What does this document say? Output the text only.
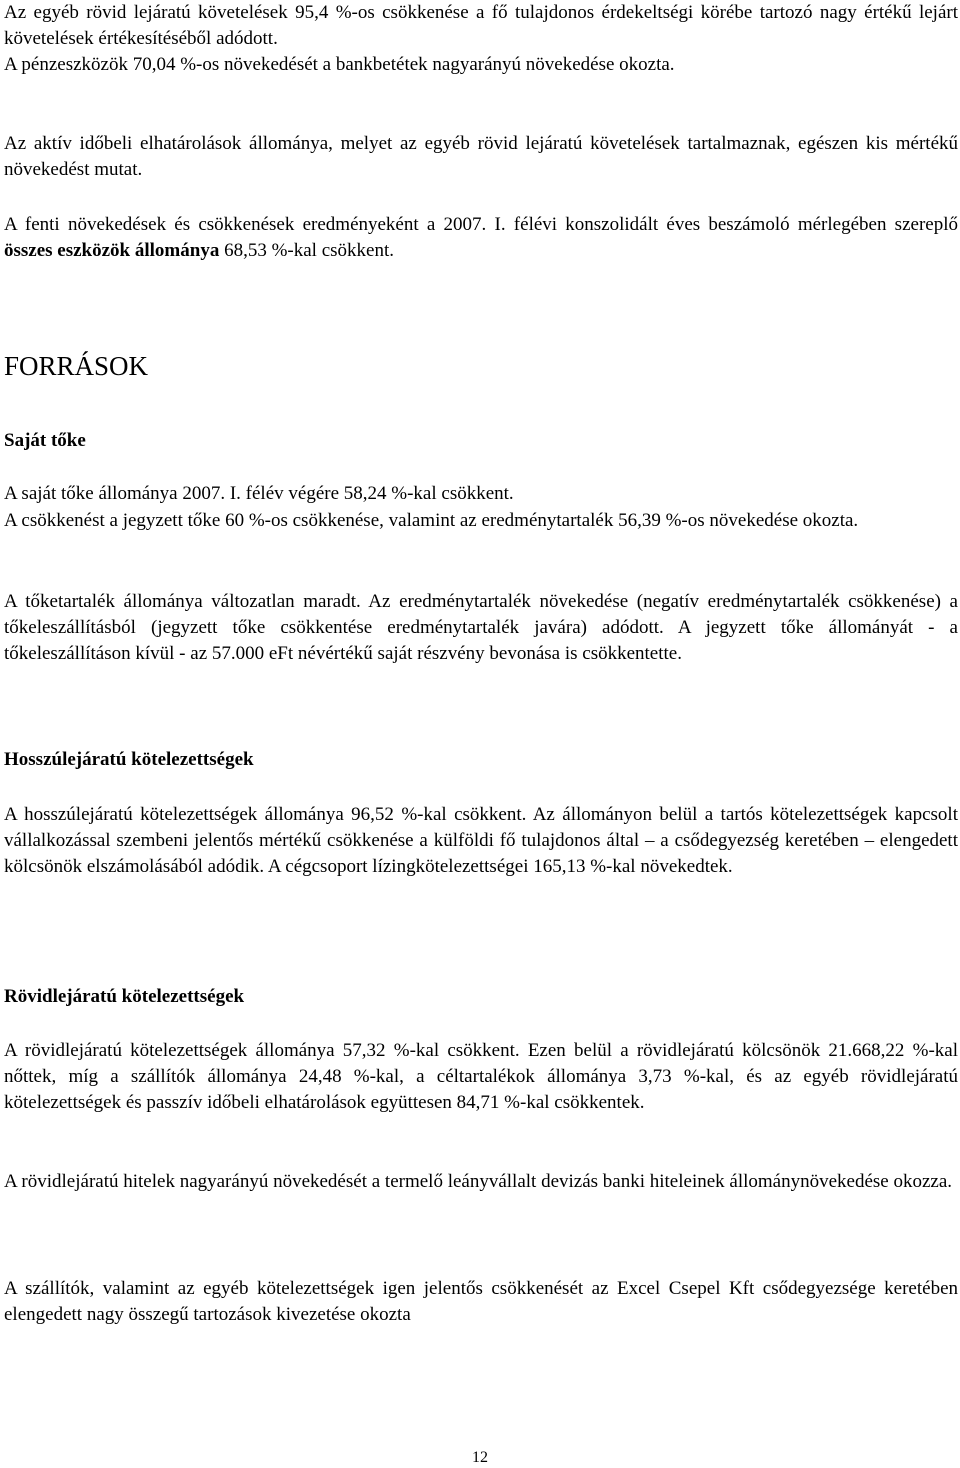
Az egyéb rövid lejáratú követelések 95,4 %-os csökkenése a fő tulajdonos érdekeltségi körébe tartozó nagy értékű lejárt követelések értékesítéséből adódott.

A pénzeszközök 70,04 %-os növekedését a bankbetétek nagyarányú növekedése okozta.

Az aktív időbeli elhatárolások állománya, melyet az egyéb rövid lejáratú követelések tartalmaznak, egészen kis mértékű növekedést mutat.

A fenti növekedések és csökkenések eredményeként a 2007. I. félévi konszolidált éves beszámoló mérlegében szereplő összes eszközök állománya 68,53 %-kal csökkent.

FORRÁSOK
Saját tőke

A saját tőke állománya 2007. I. félév végére 58,24 %-kal csökkent.

A csökkenést a jegyzett tőke 60 %-os csökkenése, valamint az eredménytartalék 56,39 %-os növekedése okozta.

A tőketartalék állománya változatlan maradt. Az eredménytartalék növekedése (negatív eredménytartalék csökkenése) a tőkeleszállításból (jegyzett tőke csökkentése eredménytartalék javára) adódott. A jegyzett tőke állományát - a tőkeleszállításon kívül - az 57.000 eFt névértékű saját részvény bevonása is csökkentette.

Hosszúlejáratú kötelezettségek

A hosszúlejáratú kötelezettségek állománya 96,52 %-kal csökkent. Az állományon belül a tartós kötelezettségek kapcsolt vállalkozással szembeni jelentős mértékű csökkenése a külföldi fő tulajdonos által – a csődegyezség keretében – elengedett kölcsönök elszámolásából adódik. A cégcsoport lízingkötelezettségei 165,13 %-kal növekedtek.

Rövidlejáratú kötelezettségek

A rövidlejáratú kötelezettségek állománya 57,32 %-kal csökkent. Ezen belül a rövidlejáratú kölcsönök 21.668,22 %-kal nőttek, míg a szállítók állománya 24,48 %-kal, a céltartalékok állománya 3,73 %-kal, és az egyéb rövidlejáratú kötelezettségek és passzív időbeli elhatárolások együttesen 84,71 %-kal csökkentek.

A rövidlejáratú hitelek nagyarányú növekedését a termelő leányvállalt devizás banki hiteleinek állománynövekedése okozza.

A szállítók, valamint az egyéb kötelezettségek igen jelentős csökkenését az Excel Csepel Kft csődegyezsége keretében elengedett nagy összegű tartozások kivezetése okozta

12
